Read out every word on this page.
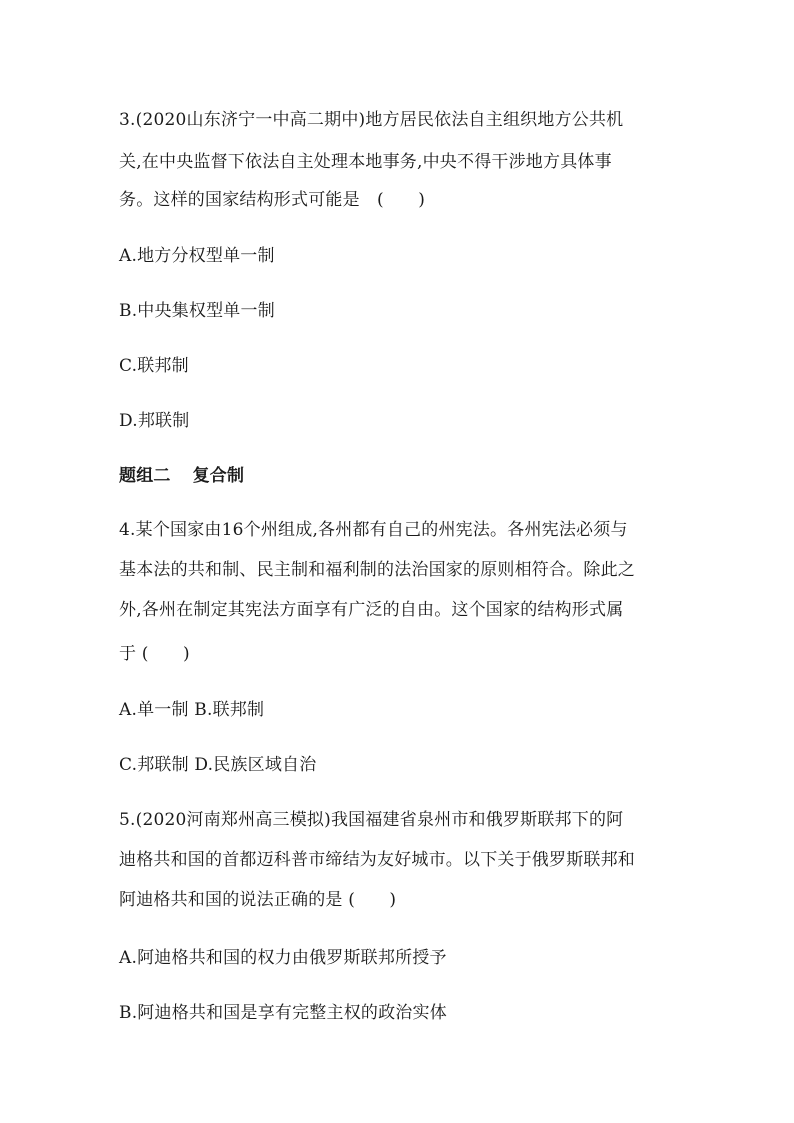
3.(2020山东济宁一中高二期中)地方居民依法自主组织地方公共机
关,在中央监督下依法自主处理本地事务,中央不得干涉地方具体事
务。这样的国家结构形式可能是　(　　)
A.地方分权型单一制
B.中央集权型单一制
C.联邦制
D.邦联制
题组二 复合制
4.某个国家由16个州组成,各州都有自己的州宪法。各州宪法必须与
基本法的共和制、民主制和福利制的法治国家的原则相符合。除此之
外,各州在制定其宪法方面享有广泛的自由。这个国家的结构形式属
于 (　　)
A.单一制 B.联邦制
C.邦联制 D.民族区域自治
5.(2020河南郑州高三模拟)我国福建省泉州市和俄罗斯联邦下的阿
迪格共和国的首都迈科普市缔结为友好城市。以下关于俄罗斯联邦和
阿迪格共和国的说法正确的是 (　　)
A.阿迪格共和国的权力由俄罗斯联邦所授予
B.阿迪格共和国是享有完整主权的政治实体
